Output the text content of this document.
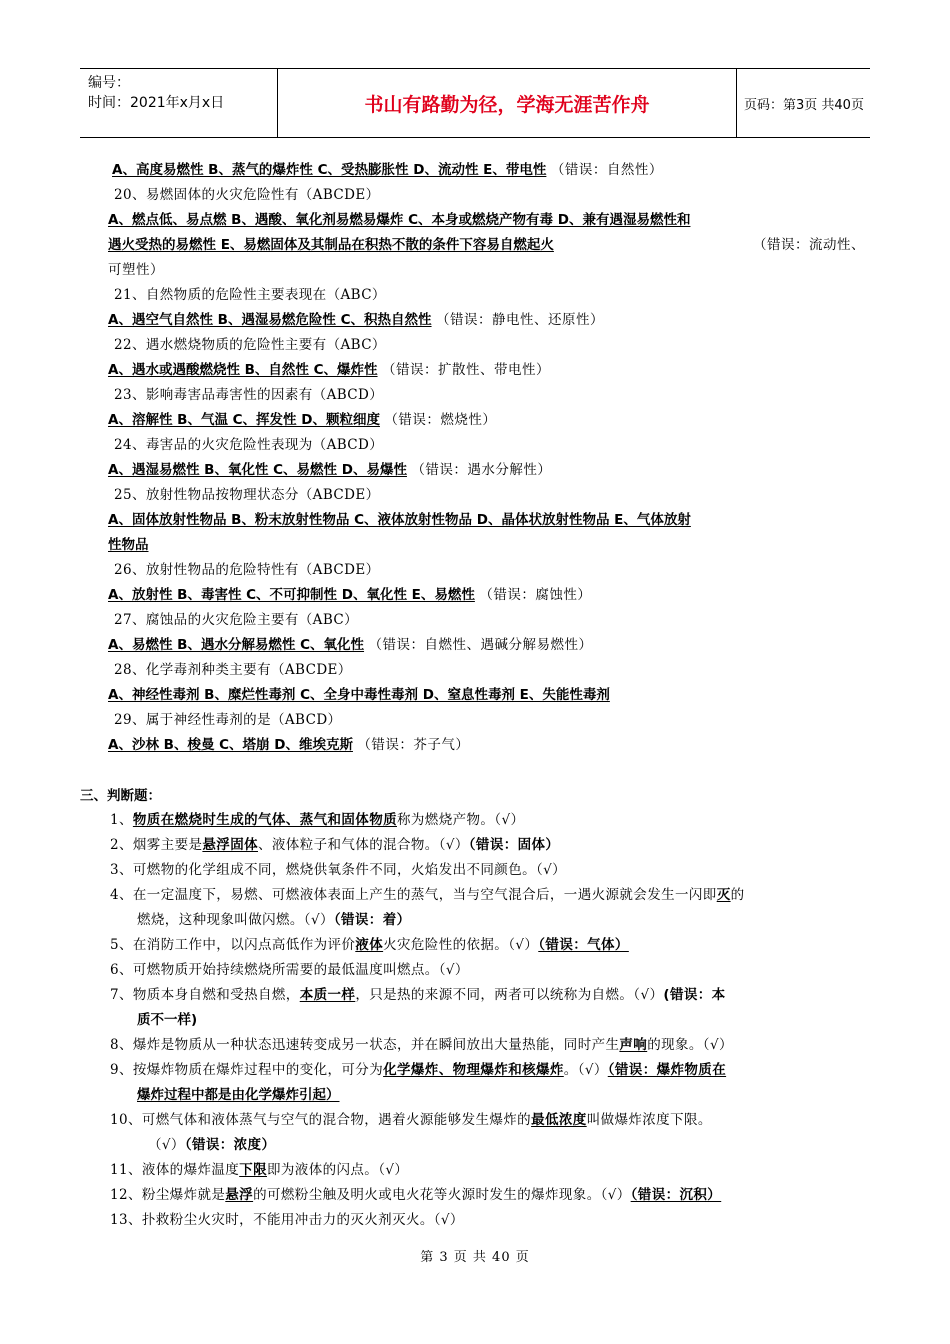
编号：
时间：2021年x月x日	书山有路勤为径，学海无涯苦作舟	页码：第3页 共40页
A、高度易燃性 B、蒸气的爆炸性 C、受热膨胀性 D、流动性 E、带电性 （错误：自然性）
20、易燃固体的火灾危险性有（ABCDE）
A、燃点低、易点燃 B、遇酸、氧化剂易燃易爆炸 C、本身或燃烧产物有毒 D、兼有遇湿易燃性和
遇火受热的易燃性 E、易燃固体及其制品在积热不散的条件下容易自燃起火	（错误：流动性、
可塑性）
21、自然物质的危险性主要表现在（ABC）
A、遇空气自然性 B、遇湿易燃危险性 C、积热自然性 （错误：静电性、还原性）
22、遇水燃烧物质的危险性主要有（ABC）
A、遇水或遇酸燃烧性 B、自然性 C、爆炸性 （错误：扩散性、带电性）
23、影响毒害品毒害性的因素有（ABCD）
A、溶解性 B、气温 C、挥发性 D、颗粒细度 （错误：燃烧性）
24、毒害品的火灾危险性表现为（ABCD）
A、遇湿易燃性 B、氧化性 C、易燃性 D、易爆性 （错误：遇水分解性）
25、放射性物品按物理状态分（ABCDE）
A、固体放射性物品 B、粉末放射性物品 C、液体放射性物品 D、晶体状放射性物品 E、气体放射
性物品
26、放射性物品的危险特性有（ABCDE）
A、放射性 B、毒害性 C、不可抑制性 D、氧化性 E、易燃性 （错误：腐蚀性）
27、腐蚀品的火灾危险主要有（ABC）
A、易燃性 B、遇水分解易燃性 C、氧化性 （错误：自燃性、遇碱分解易燃性）
28、化学毒剂种类主要有（ABCDE）
A、神经性毒剂 B、糜烂性毒剂 C、全身中毒性毒剂 D、窒息性毒剂 E、失能性毒剂
29、属于神经性毒剂的是（ABCD）
A、沙林 B、梭曼 C、塔崩 D、维埃克斯 （错误：芥子气）
三、判断题：
1、物质在燃烧时生成的气体、蒸气和固体物质称为燃烧产物。（√）
2、烟雾主要是悬浮固体、液体粒子和气体的混合物。（√）（错误：固体）
3、可燃物的化学组成不同，燃烧供氧条件不同，火焰发出不同颜色。（√）
4、在一定温度下，易燃、可燃液体表面上产生的蒸气，当与空气混合后，一遇火源就会发生一闪即灭的
燃烧，这种现象叫做闪燃。（√）（错误：着）
5、在消防工作中，以闪点高低作为评价液体火灾危险性的依据。（√）（错误：气体）
6、可燃物质开始持续燃烧所需要的最低温度叫燃点。（√）
7、物质本身自燃和受热自燃，本质一样，只是热的来源不同，两者可以统称为自燃。（√）(错误：本
质不一样)
8、爆炸是物质从一种状态迅速转变成另一状态，并在瞬间放出大量热能，同时产生声响的现象。（√）
9、按爆炸物质在爆炸过程中的变化，可分为化学爆炸、物理爆炸和核爆炸。（√）（错误：爆炸物质在
爆炸过程中都是由化学爆炸引起）
10、可燃气体和液体蒸气与空气的混合物，遇着火源能够发生爆炸的最低浓度叫做爆炸浓度下限。
（√）（错误：浓度）
11、液体的爆炸温度下限即为液体的闪点。（√）
12、粉尘爆炸就是悬浮的可燃粉尘触及明火或电火花等火源时发生的爆炸现象。（√）（错误：沉积）
13、扑救粉尘火灾时，不能用冲击力的灭火剂灭火。（√）
第 3 页 共 40 页
